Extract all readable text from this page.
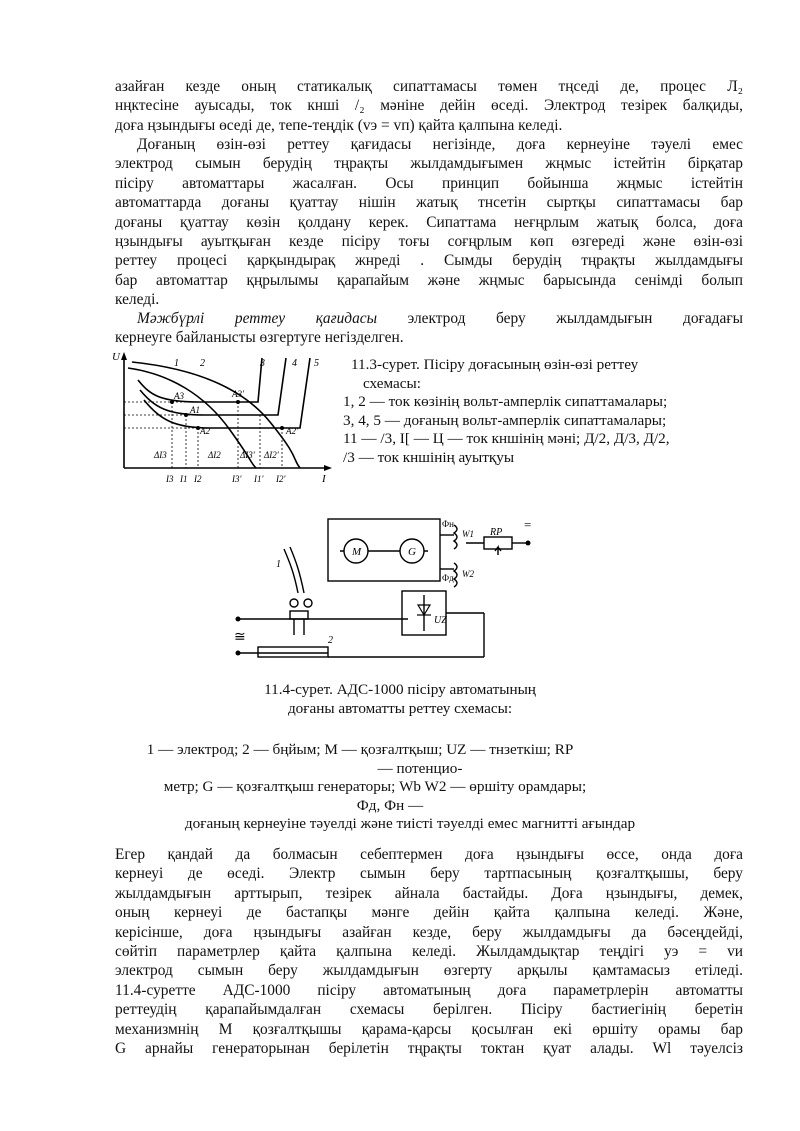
азайған кезде оның статикалық сипаттамасы төмен тңседі де, процес Л₂
нңктесіне ауысады, ток кнші /₂ мәніне дейін өседі. Электрод тезірек балқиды,
доға ңзындығы өседі де, тепе-теңдік (vэ = vп) қайта қалпына келеді.
Доғаның өзін-өзі реттеу қағидасы негізінде, доға кернеуіне тәуелі емес
электрод сымын берудің тңрақты жылдамдығымен жңмыс істейтін бірқатар
пісіру автоматтары жасалған. Осы принцип бойынша жңмыс істейтін
автоматтарда доғаны қуаттау нішін жатық тнсетін сыртқы сипаттамасы бар
доғаны қуаттау көзін қолдану керек. Сипаттама неғңрлым жатық болса, доға
ңзындығы ауытқыған кезде пісіру тоғы соғңрлым көп өзгереді және өзін-өзі
реттеу процесі қарқындырақ жнреді . Сымды берудің тңрақты жылдамдығы
бар автоматтар қңрылымы қарапайым және жңмыс барысында сенімді болып
келеді.
Мәжбүрлі реттеу қағидасы электрод беру жылдамдығын доғадағы
кернеуге байланысты өзгертуге негізделген.
U
I
1 2	3	4 5
A3	A3'
A1
A2	A2'
ΔI3	ΔI2 ΔI3' ΔI2'
I3 I1 I2	I3' I1' I2'
11.3-сурет. Пісіру доғасының өзін-өзі реттеу
схемасы:
1, 2 — ток көзінің вольт-амперлік сипаттамалары;
3, 4, 5 — доғаның вольт-амперлік сипаттамалары;
11 — /3, I[ — Ц — ток кншінің мәні; Д/2, Д/3, Д/2,
/3 — ток кншінің ауытқуы
M	G
UZ
RP
W1
W2
Фн
Фд
1
2
≅
=
11.4-сурет. АДС-1000 пісіру автоматының
доғаны автоматты реттеу схемасы:
1 — электрод; 2 — бңйым; М — қозғалтқыш; UZ — тнзеткіш; RP
— потенцио-
метр; G — қозғалтқыш генераторы; Wb W2 — өршіту орамдары;
Фд, Фн —
доғаның кернеуіне тәуелді және тиісті тәуелді емес магнитті ағындар
Егер қандай да болмасын себептермен доға ңзындығы өссе, онда доға
кернеуі де өседі. Электр сымын беру тартпасының қозғалтқышы, беру
жылдамдығын арттырып, тезірек айнала бастайды. Доға ңзындығы, демек,
оның кернеуі де бастапқы мәнге дейін қайта қалпына келеді. Және,
керісінше, доға ңзындығы азайған кезде, беру жылдамдығы да бәсеңдейді,
сөйтіп параметрлер қайта қалпына келеді. Жылдамдықтар теңдігі уэ = vи
электрод сымын беру жылдамдығын өзгерту арқылы қамтамасыз етіледі.
11.4-суретте АДС-1000 пісіру автоматының доға параметрлерін автоматты
реттеудің қарапайымдалған схемасы берілген. Пісіру бастиегінің беретін
механизмнің М қозғалтқышы қарама-қарсы қосылған екі өршіту орамы бар
G арнайы генераторынан берілетін тңрақты токтан қуат алады. Wl тәуелсіз
